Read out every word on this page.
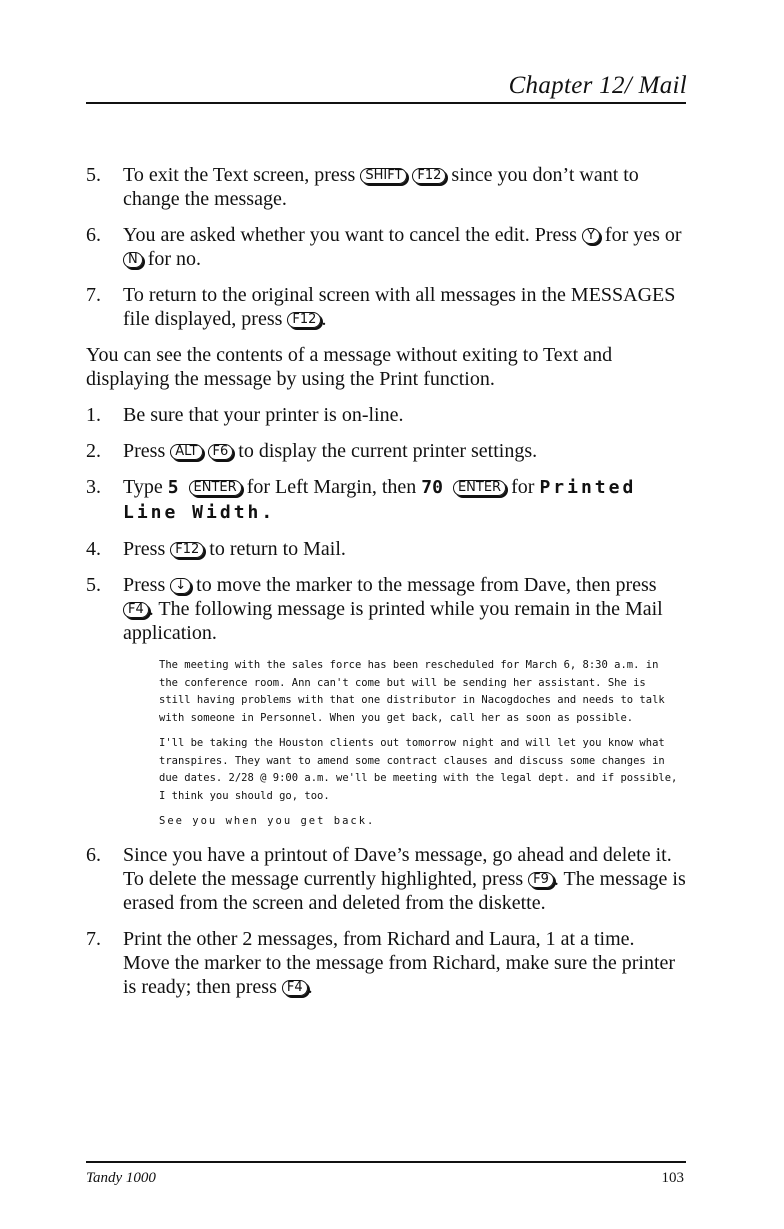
Chapter 12/ Mail
5. To exit the Text screen, press SHIFT F12 since you don’t want to change the message.
6. You are asked whether you want to cancel the edit. Press Y for yes or N for no.
7. To return to the original screen with all messages in the MESSAGES file displayed, press F12 .
You can see the contents of a message without exiting to Text and displaying the message by using the Print function.
1. Be sure that your printer is on-line.
2. Press ALT F6 to display the current printer settings.
3. Type 5 ENTER for Left Margin, then 70 ENTER for Printed Line Width.
4. Press F12 to return to Mail.
5. Press ↓ to move the marker to the message from Dave, then press F4 . The following message is printed while you remain in the Mail application.

The meeting with the sales force has been rescheduled for March 6, 8:30 a.m. in the conference room. Ann can't come but will be sending her assistant. She is still having problems with that one distributor in Nacogdoches and needs to talk with someone in Personnel. When you get back, call her as soon as possible.

I'll be taking the Houston clients out tomorrow night and will let you know what transpires. They want to amend some contract clauses and discuss some changes in due dates. 2/28 @ 9:00 a.m. we'll be meeting with the legal dept. and if possible, I think you should go, too.

See you when you get back.

6. Since you have a printout of Dave’s message, go ahead and delete it. To delete the message currently highlighted, press F9 . The message is erased from the screen and deleted from the diskette.
7. Print the other 2 messages, from Richard and Laura, 1 at a time. Move the marker to the message from Richard, make sure the printer is ready; then press F4 .
Tandy 1000	103
